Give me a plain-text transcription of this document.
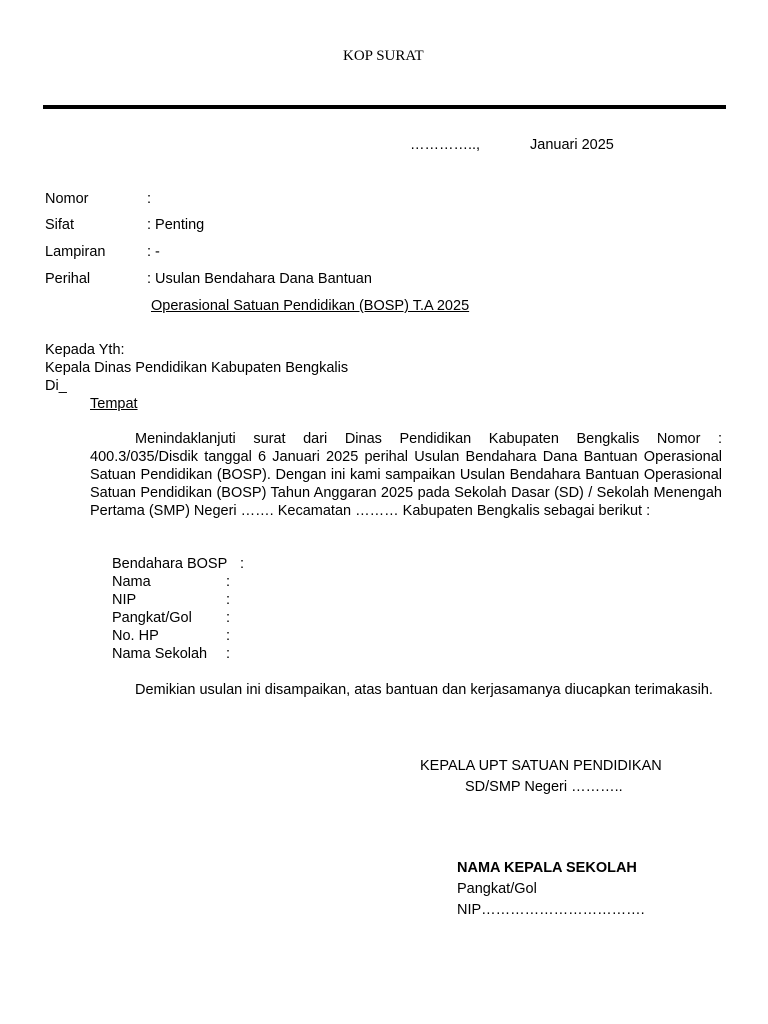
KOP SURAT
…………..,	Januari 2025
Nomor	:
Sifat	: Penting
Lampiran	: -
Perihal	: Usulan Bendahara Dana Bantuan
Operasional Satuan Pendidikan (BOSP) T.A 2025
Kepada Yth:
Kepala Dinas Pendidikan Kabupaten Bengkalis
Di_
Tempat
Menindaklanjuti surat dari Dinas Pendidikan Kabupaten Bengkalis Nomor : 400.3/035/Disdik tanggal 6 Januari 2025 perihal Usulan Bendahara Dana Bantuan Operasional Satuan Pendidikan (BOSP). Dengan ini kami sampaikan Usulan Bendahara Bantuan Operasional Satuan Pendidikan (BOSP) Tahun Anggaran 2025 pada Sekolah Dasar (SD) / Sekolah Menengah Pertama (SMP) Negeri ……. Kecamatan ……… Kabupaten Bengkalis sebagai berikut :
Bendahara BOSP :
Nama	:
NIP	:
Pangkat/Gol :
No. HP	:
Nama Sekolah :
Demikian usulan ini disampaikan, atas bantuan dan kerjasamanya diucapkan terimakasih.
KEPALA UPT SATUAN PENDIDIKAN
SD/SMP Negeri ………..
NAMA KEPALA SEKOLAH
Pangkat/Gol
NIP…………………………….
